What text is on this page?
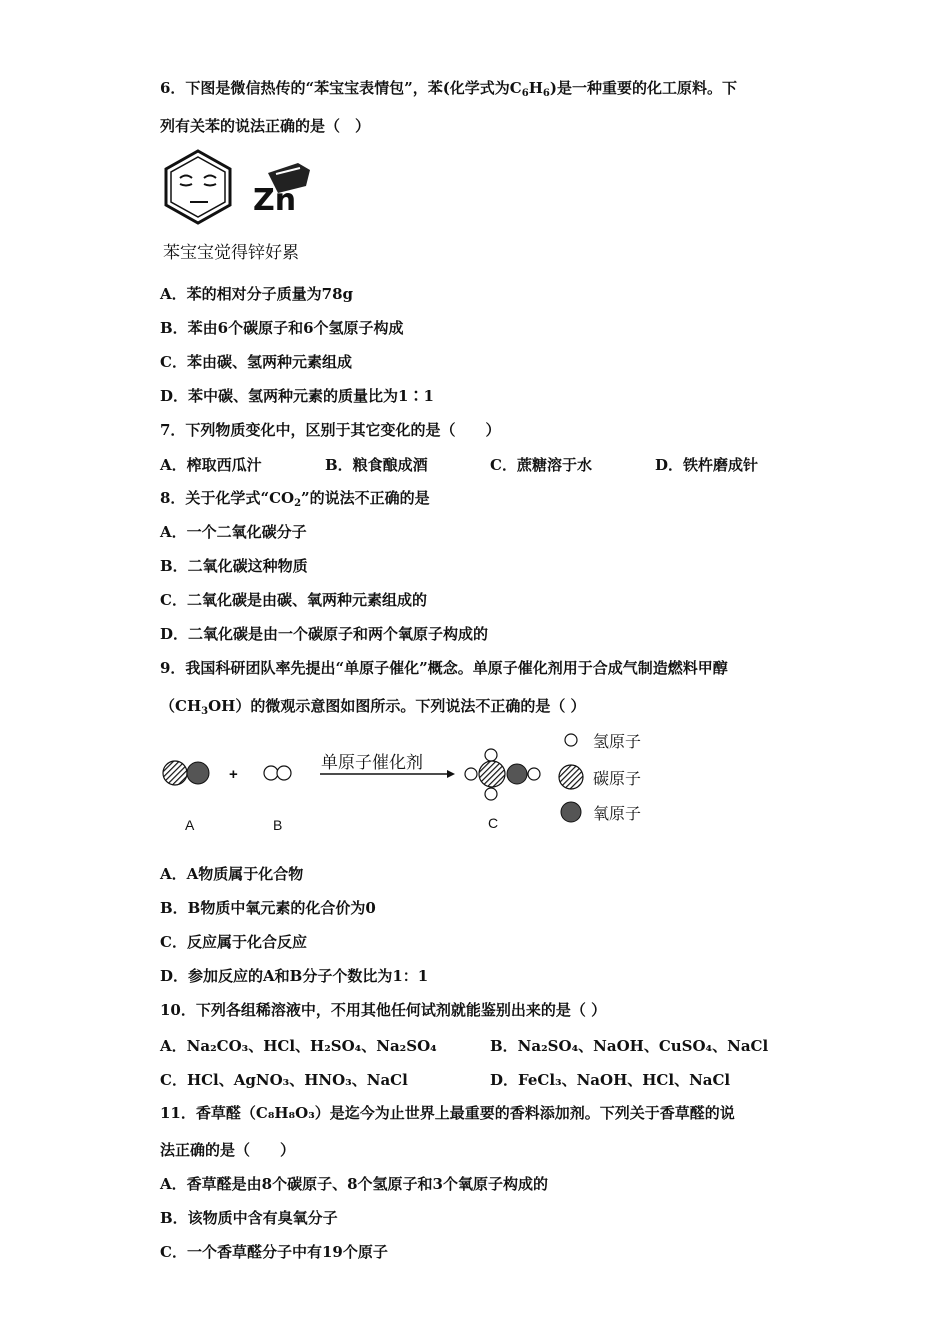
6．下图是微信热传的“苯宝宝表情包”，苯(化学式为$C_6H_6$)是一种重要的化工原料。下
列有关苯的说法正确的是（　）
Zn
苯宝宝觉得锌好累
A．苯的相对分子质量为78g
B．苯由6个碳原子和6个氢原子构成
C．苯由碳、氢两种元素组成
D．苯中碳、氢两种元素的质量比为1∶1
7．下列物质变化中，区别于其它变化的是（　　）
A．榨取西瓜汁	B．粮食酿成酒	C．蔗糖溶于水	D．铁杵磨成针
8．关于化学式“$CO_2$”的说法不正确的是
A．一个二氧化碳分子
B．二氧化碳这种物质
C．二氧化碳是由碳、氧两种元素组成的
D．二氧化碳是由一个碳原子和两个氧原子构成的
9．我国科研团队率先提出“单原子催化”概念。单原子催化剂用于合成气制造燃料甲醇
$(CH_3OH)$的微观示意图如图所示。下列说法不正确的是（ ）
+
单原子催化剂
A	B	C
氢原子
碳原子
氧原子
A．A物质属于化合物
B．B物质中氧元素的化合价为0
C．反应属于化合反应
D．参加反应的A和B分子个数比为1：1
10．下列各组稀溶液中，不用其他任何试剂就能鉴别出来的是（ ）
A．Na₂CO₃、HCl、H₂SO₄、Na₂SO₄	B．Na₂SO₄、NaOH、CuSO₄、NaCl
C．HCl、AgNO₃、HNO₃、NaCl	D．FeCl₃、NaOH、HCl、NaCl
11．香草醛（C₈H₈O₃）是迄今为止世界上最重要的香料添加剂。下列关于香草醛的说
法正确的是（　　）
A．香草醛是由8个碳原子、8个氢原子和3个氧原子构成的
B．该物质中含有臭氧分子
C．一个香草醛分子中有19个原子
